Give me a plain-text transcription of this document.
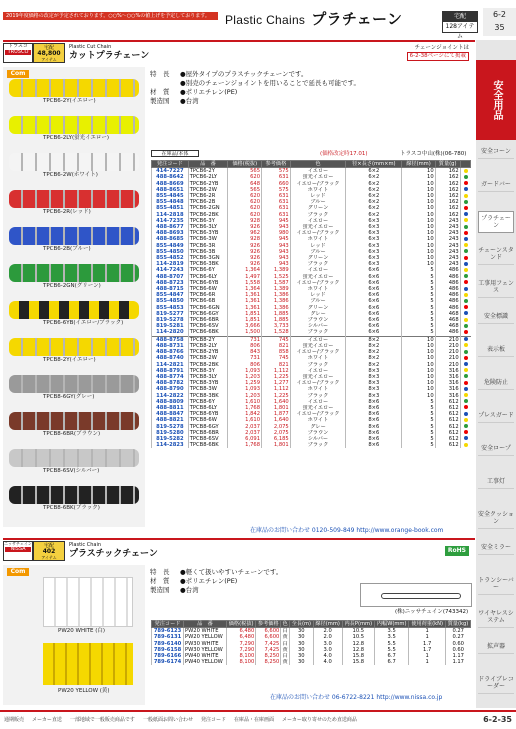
Plastic Chains プラチェーン	宅配
128アイテム
6-2
35
2019年度価格の改定が予定されております。○○%〜○○%の値上げを予定しております。
安全用品
安全コーン
ガードバー
プラチェーン
チェーンスタンド
工事用フェンス
安全標識
表示板
危険防止
プレスガード
安全ロープ
工事灯
安全クッション
安全ミラー
トランシーバー
ワイヤレスシステム
拡声器
ドライブレコーダー
トラスコ
TRUSCO
宅配
48,800
アイテム
Plastic Cut Chain
カットプラチェーン
チェーンジョイントは
6-2-38ページにて掲載
Com
TPCB6-2Y(イエロー)
TPCB6-2LY(蛍光イエロー)
TPCB6-2W(ホワイト)
TPCB6-2R(レッド)
TPCB6-2B(ブルー)
TPCB6-2GN(グリーン)
TPCB6-6YB(イエロー/ブラック)
TPCB8-2Y(イエロー)
TPCB8-6GY(グレー)
TPCB8-6BR(ブラウン)
TPCB8-6SV(シルバー)
TPCB8-6BK(ブラック)
特　長 ●屋外タイプのプラスチックチェーンです。
●別売のチェーンジョイントを用いることで延長も可能です。
材　質 ●ポリエチレン(PE)
製造国 ●台湾
在庫品/本体	(価格改定時17.01)	トラスコ中山(株)(06-780)
発注コード	品　番	価格(税抜)	参考価格	色	径×長さ(mm×m)	線径(mm)	質量(g)	
414-7227	TPCB6-2Y	565	575	イエロー	6×2	10	162	
488-8642	TPCB6-2LY	620	631	蛍光イエロー	6×2	10	162	
488-8669	TPCB6-2YB	648	660	イエロー/ブラック	6×2	10	162	
488-8651	TPCB6-2W	565	575	ホワイト	6×2	10	162	
855-4845	TPCB6-2R	620	631	レッド	6×2	10	162	
855-4848	TPCB6-2B	620	631	ブルー	6×2	10	162	
855-4851	TPCB6-2GN	620	631	グリーン	6×2	10	162	
114-2818	TPCB6-2BK	620	631	ブラック	6×2	10	162	
414-7235	TPCB6-3Y	928	945	イエロー	6×3	10	243	
488-8677	TPCB6-3LY	926	943	蛍光イエロー	6×3	10	243	
488-8693	TPCB6-3YB	962	980	イエロー/ブラック	6×3	10	243	
488-8685	TPCB6-3W	928	945	ホワイト	6×3	10	243	
855-4849	TPCB6-3R	926	943	レッド	6×3	10	243	
855-4850	TPCB6-3B	926	943	ブルー	6×3	10	243	
855-4852	TPCB6-3GN	926	943	グリーン	6×3	10	243	
114-2819	TPCB6-3BK	926	943	ブラック	6×3	10	243	
414-7243	TPCB6-6Y	1,364	1,389	イエロー	6×6	5	486	
488-8707	TPCB6-6LY	1,497	1,525	蛍光イエロー	6×6	5	486	
488-8723	TPCB6-6YB	1,558	1,587	イエロー/ブラック	6×6	5	486	
488-8715	TPCB6-6W	1,364	1,389	ホワイト	6×6	5	486	
855-4847	TPCB6-6R	1,361	1,386	レッド	6×6	5	486	
855-4850	TPCB6-6B	1,361	1,386	ブルー	6×6	5	486	
855-4853	TPCB6-6GN	1,361	1,386	グリーン	6×6	5	486	
819-5277	TPCB6-6GY	1,851	1,885	グレー	6×6	5	468	
819-5278	TPCB6-6BR	1,851	1,885	ブラウン	6×6	5	468	
819-5281	TPCB6-6SV	3,666	3,733	シルバー	6×6	5	468	
114-2820	TPCB6-6BK	1,500	1,528	ブラック	6×6	5	486	
488-8758	TPCB8-2Y	731	745	イエロー	8×2	10	210	
488-8731	TPCB8-2LY	806	821	蛍光イエロー	8×2	10	210	
488-8766	TPCB8-2YB	843	858	イエロー/ブラック	8×2	10	210	
488-8740	TPCB8-2W	731	745	ホワイト	8×2	10	210	
114-2821	TPCB8-2BK	806	821	ブラック	8×2	10	210	
488-8791	TPCB8-3Y	1,093	1,112	イエロー	8×3	10	316	
488-8774	TPCB8-3LY	1,203	1,225	蛍光イエロー	8×3	10	316	
488-8782	TPCB8-3YB	1,259	1,277	イエロー/ブラック	8×3	10	316	
488-8790	TPCB8-3W	1,093	1,112	ホワイト	8×3	10	316	
114-2822	TPCB8-3BK	1,203	1,225	ブラック	8×3	10	316	
488-8809	TPCB8-6Y	1,610	1,640	イエロー	8×6	5	612	
488-8811	TPCB8-6LY	1,768	1,801	蛍光イエロー	8×6	5	612	
488-8847	TPCB8-6YB	1,842	1,877	イエロー/ブラック	8×6	5	612	
488-8821	TPCB8-6W	1,610	1,640	ホワイト	8×6	5	612	
819-5278	TPCB8-6GY	2,037	2,075	グレー	8×6	5	612	
819-5280	TPCB8-6BR	2,037	2,075	ブラウン	8×6	5	612	
819-5282	TPCB8-6SV	6,091	6,185	シルバー	8×6	5	612	
114-2823	TPCB8-6BK	1,768	1,801	ブラック	8×6	5	612	
在庫品のお問い合わせ 0120-509-849 http://www.orange-book.com
ニッサチェイン
NISSA	宅配
402
アイテム
Plastic Chain
プラスチックチェーン	RoHS
Com
PW20 WHITE (白)
PW20 YELLOW (黄)
特　長 ●軽くて扱いやすいチェーンです。
材　質 ●ポリエチレン(PE)
製造国 ●台湾
(株)ニッサチェイン(743342)
発注コード	品　番	価格(税抜)	参考価格	色	全長(m)	線径(mm)	内長P(mm)	内幅W(mm)	使用荷重(kN)	質量(kg)
789-6123	PW20 WHITE	6,480	6,600	白	30	2.0	10.5	3.5	1	0.27
789-6131	PW20 YELLOW	6,480	6,600	黄	30	2.0	10.5	3.5	1	0.27
789-6140	PW30 WHITE	7,290	7,425	白	30	3.0	12.8	5.5	1.7	0.60
789-6158	PW30 YELLOW	7,290	7,425	黄	30	3.0	12.8	5.5	1.7	0.60
789-6166	PW40 WHITE	8,100	8,250	白	30	4.0	15.8	6.7	1	1.17
789-6174	PW40 YELLOW	8,100	8,250	黄	30	4.0	15.8	6.7	1	1.17
在庫品のお問い合わせ 06-6722-8221 http://www.nissa.co.jp
通期販売 メーカー直送 一部地域で一般販売商品です 一般紙面お問い合わせ 発注コード 在庫品・在庫画面 メーカー取り寄せのため直送商品	6-2-35
